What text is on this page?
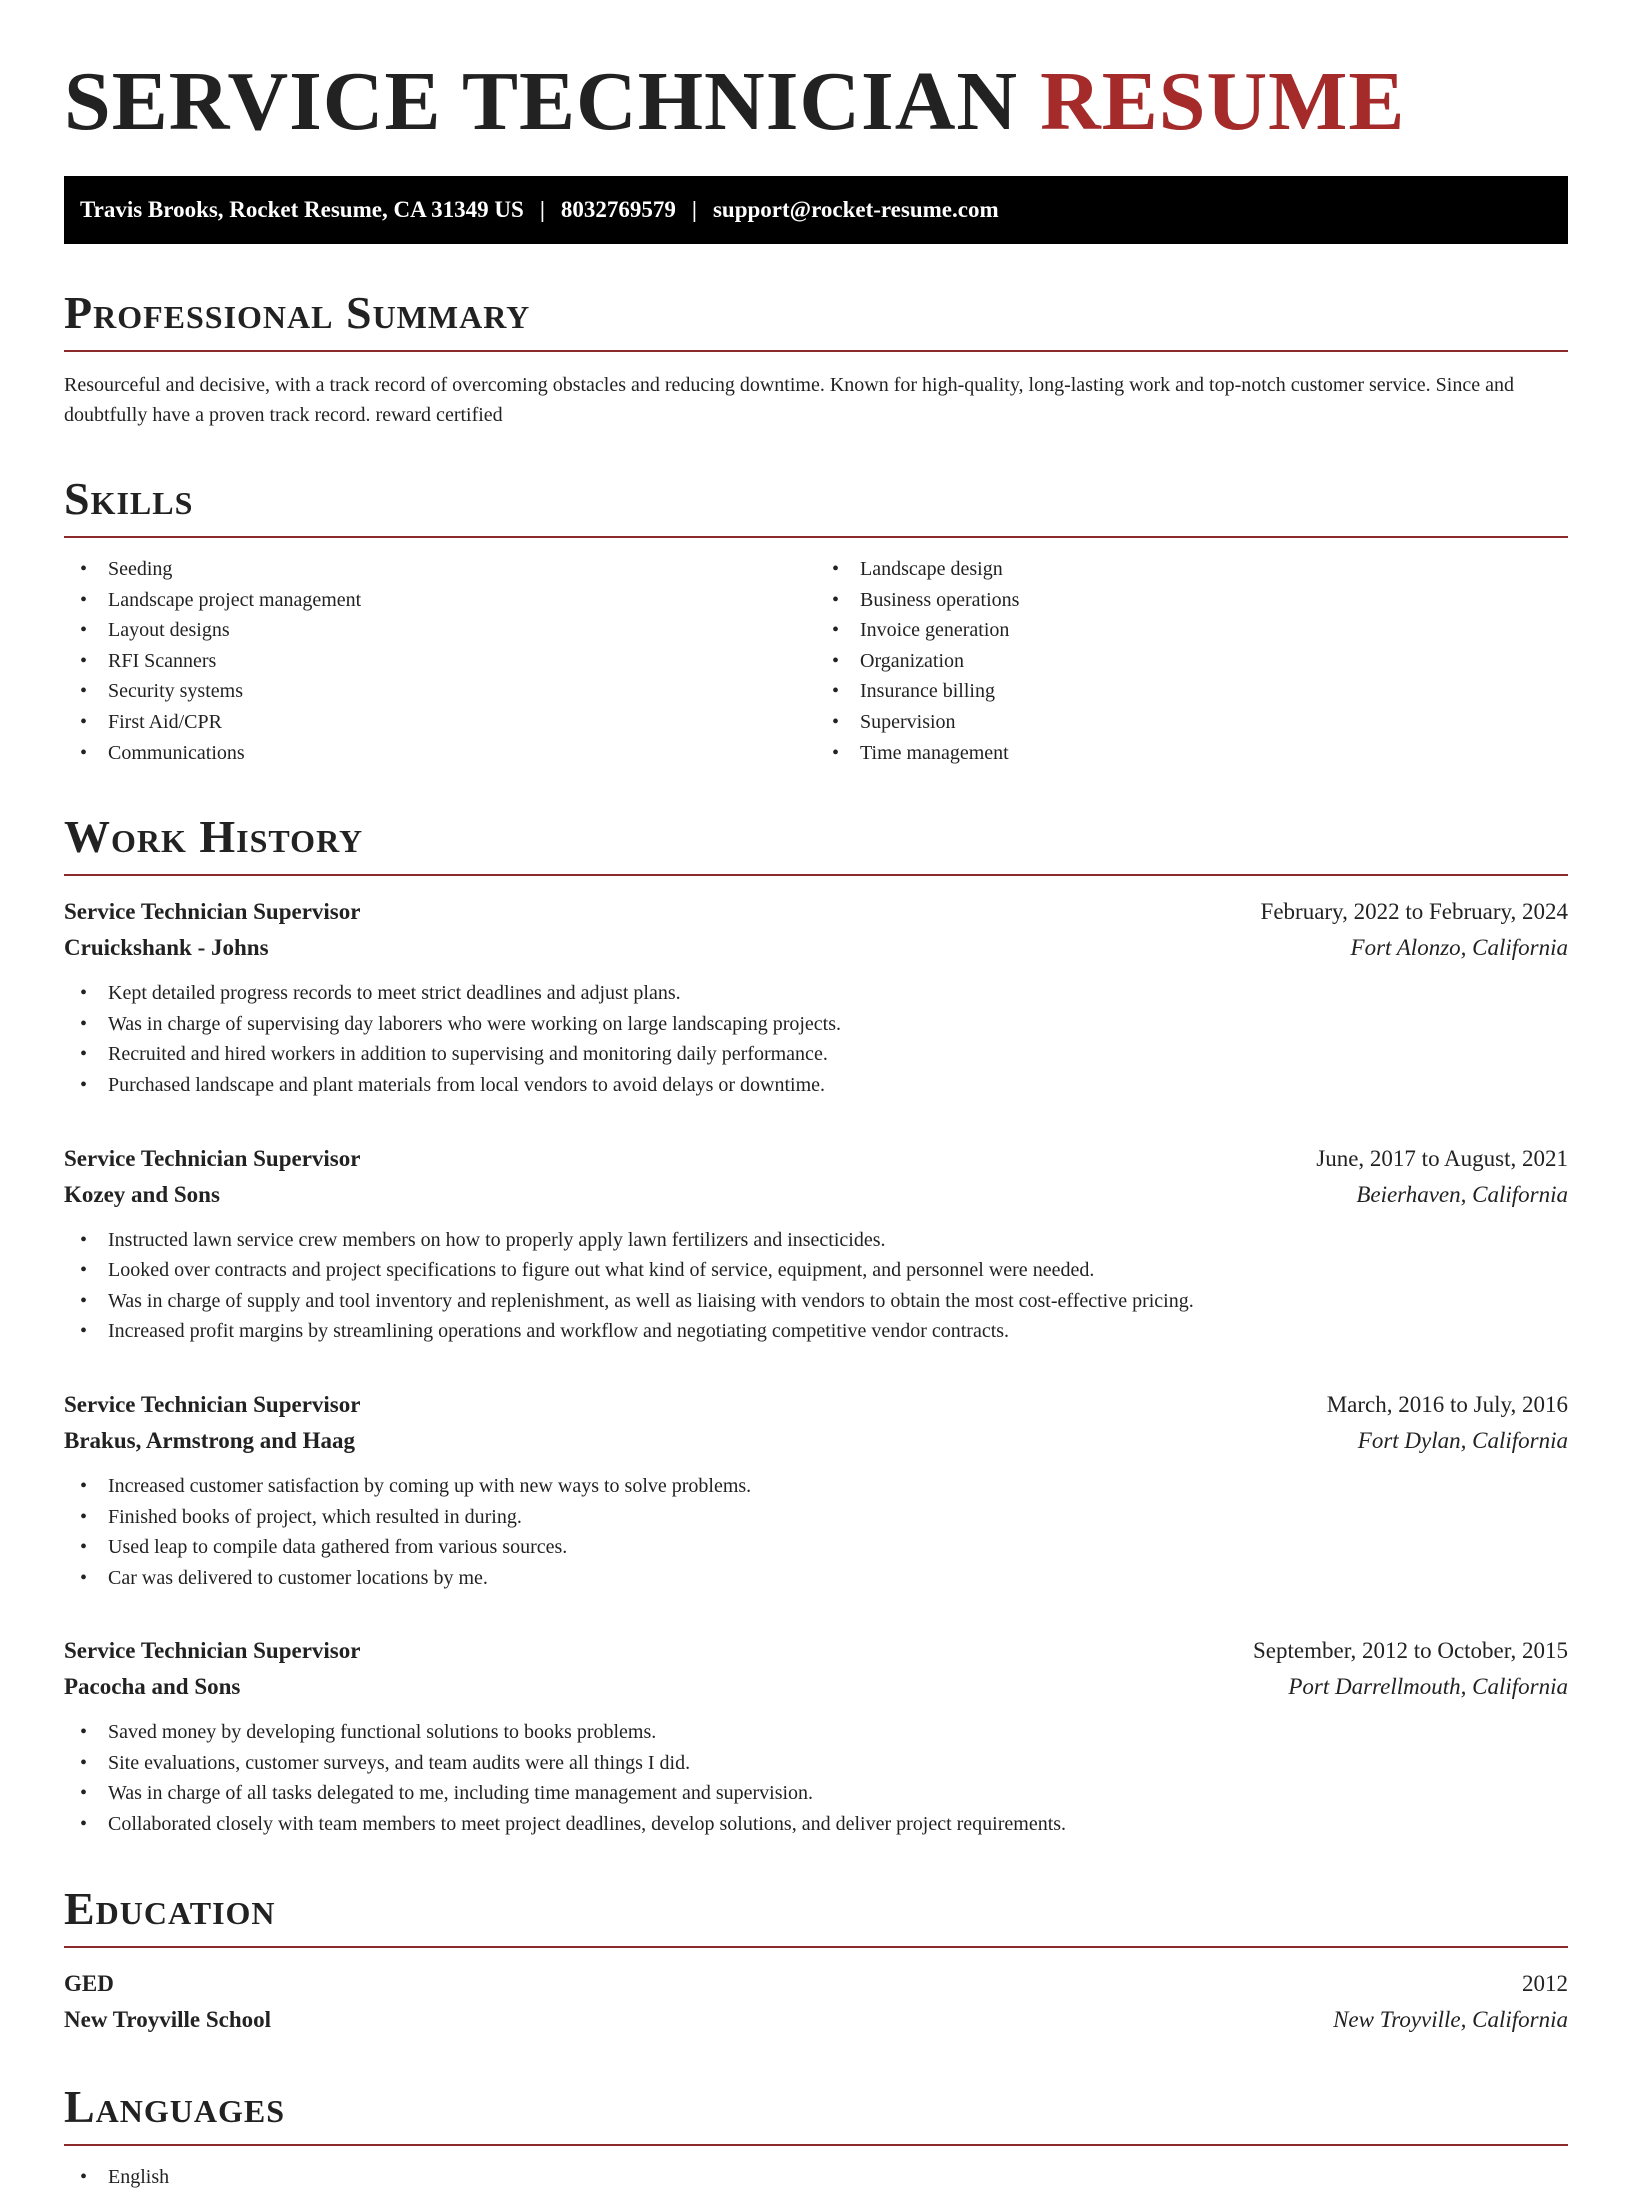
SERVICE TECHNICIAN RESUME
Travis Brooks, Rocket Resume, CA 31349 US | 8032769579 | support@rocket-resume.com
Professional Summary

Resourceful and decisive, with a track record of overcoming obstacles and reducing downtime. Known for high-quality, long-lasting work and top-notch customer service. Since and doubtfully have a proven track record. reward certified

Skills
• Seeding
• Landscape project management
• Layout designs
• RFI Scanners
• Security systems
• First Aid/CPR
• Communications
• Landscape design
• Business operations
• Invoice generation
• Organization
• Insurance billing
• Supervision
• Time management
Work History
Service Technician Supervisor	February, 2022 to February, 2024
Cruickshank - Johns	Fort Alonzo, California
• Kept detailed progress records to meet strict deadlines and adjust plans.
• Was in charge of supervising day laborers who were working on large landscaping projects.
• Recruited and hired workers in addition to supervising and monitoring daily performance.
• Purchased landscape and plant materials from local vendors to avoid delays or downtime.
Service Technician Supervisor	June, 2017 to August, 2021
Kozey and Sons	Beierhaven, California
• Instructed lawn service crew members on how to properly apply lawn fertilizers and insecticides.
• Looked over contracts and project specifications to figure out what kind of service, equipment, and personnel were needed.
• Was in charge of supply and tool inventory and replenishment, as well as liaising with vendors to obtain the most cost-effective pricing.
• Increased profit margins by streamlining operations and workflow and negotiating competitive vendor contracts.
Service Technician Supervisor	March, 2016 to July, 2016
Brakus, Armstrong and Haag	Fort Dylan, California
• Increased customer satisfaction by coming up with new ways to solve problems.
• Finished books of project, which resulted in during.
• Used leap to compile data gathered from various sources.
• Car was delivered to customer locations by me.
Service Technician Supervisor	September, 2012 to October, 2015
Pacocha and Sons	Port Darrellmouth, California
• Saved money by developing functional solutions to books problems.
• Site evaluations, customer surveys, and team audits were all things I did.
• Was in charge of all tasks delegated to me, including time management and supervision.
• Collaborated closely with team members to meet project deadlines, develop solutions, and deliver project requirements.
Education
GED	2012
New Troyville School	New Troyville, California
Languages
• English
